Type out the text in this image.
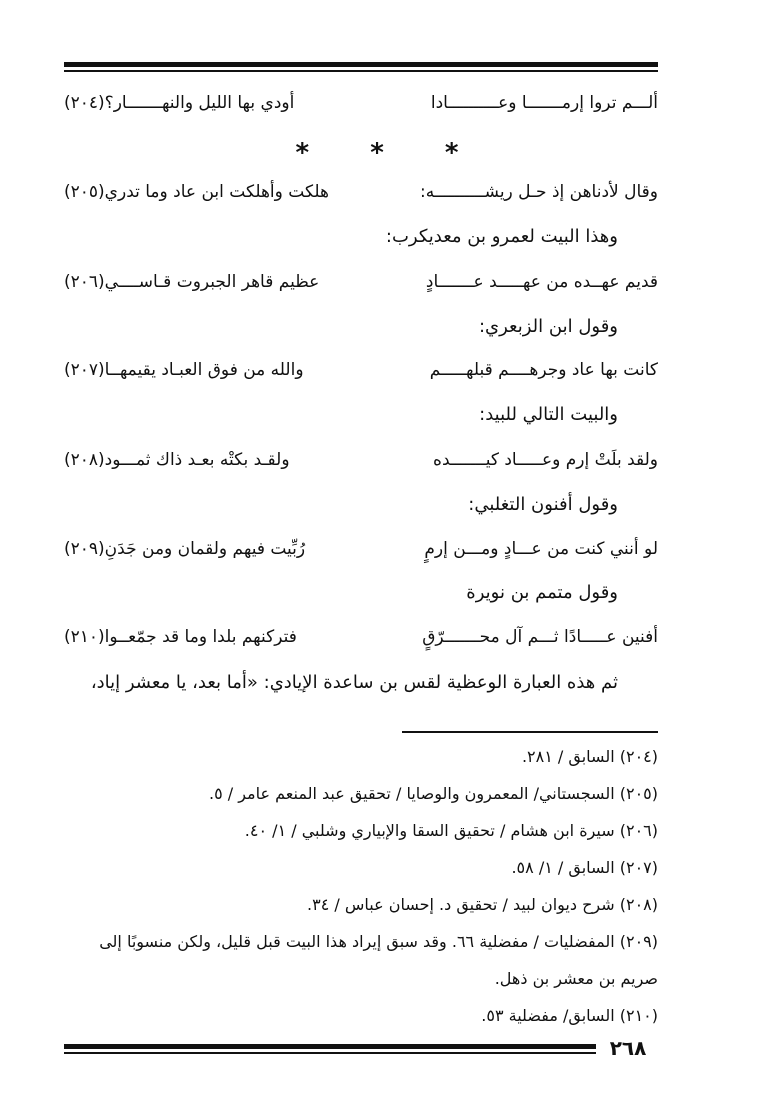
ألـــم تروا إرمـــــــا وعــــــــــادا
أودي بها الليل والنهـــــــار؟(٢٠٤)
* * *
وقال لأدناهن إذ حـل ريشــــــــــه:
هلكت وأهلكت ابن عاد وما تدري(٢٠٥)
وهذا البيت لعمرو بن معديكرب:
قديم عهــده من عهـــــد عـــــــادٍ
عظيم قاهر الجبروت قـاســــي(٢٠٦)
وقول ابن الزبعري:
كانت بها عاد وجرهــــم قبلهـــــم
والله من فوق العبـاد يقيمهــا(٢٠٧)
والبيت التالي للبيد:
ولقد بلَتْ إرم وعـــــاد كيـــــــده
ولقـد بكتْه بعـد ذاك ثمـــود(٢٠٨)
وقول أفنون التغلبي:
لو أنني كنت من عـــادٍ ومـــن إرمٍ
رُبِّيت فيهم ولقمان ومن جَدَنِ(٢٠٩)
وقول متمم بن نويرة
أفنين عـــــادًا ثـــم آل محـــــــرّقٍ
فتركنهم بلدا وما قد جمّعــوا(٢١٠)
ثم هذه العبارة الوعظية لقس بن ساعدة الإيادي: «أما بعد، يا معشر إياد،
(٢٠٤) السابق / ٢٨١.
(٢٠٥) السجستاني/ المعمرون والوصايا / تحقيق عبد المنعم عامر / ٥.
(٢٠٦) سيرة ابن هشام / تحقيق السقا والإبياري وشلبي / ١/ ٤٠.
(٢٠٧) السابق / ١/ ٥٨.
(٢٠٨) شرح ديوان لبيد / تحقيق د. إحسان عباس / ٣٤.
(٢٠٩) المفضليات / مفضلية ٦٦. وقد سبق إيراد هذا البيت قبل قليل، ولكن منسوبًا إلى صريم بن معشر بن ذهل.
(٢١٠) السابق/ مفضلية ٥٣.
٢٦٨
